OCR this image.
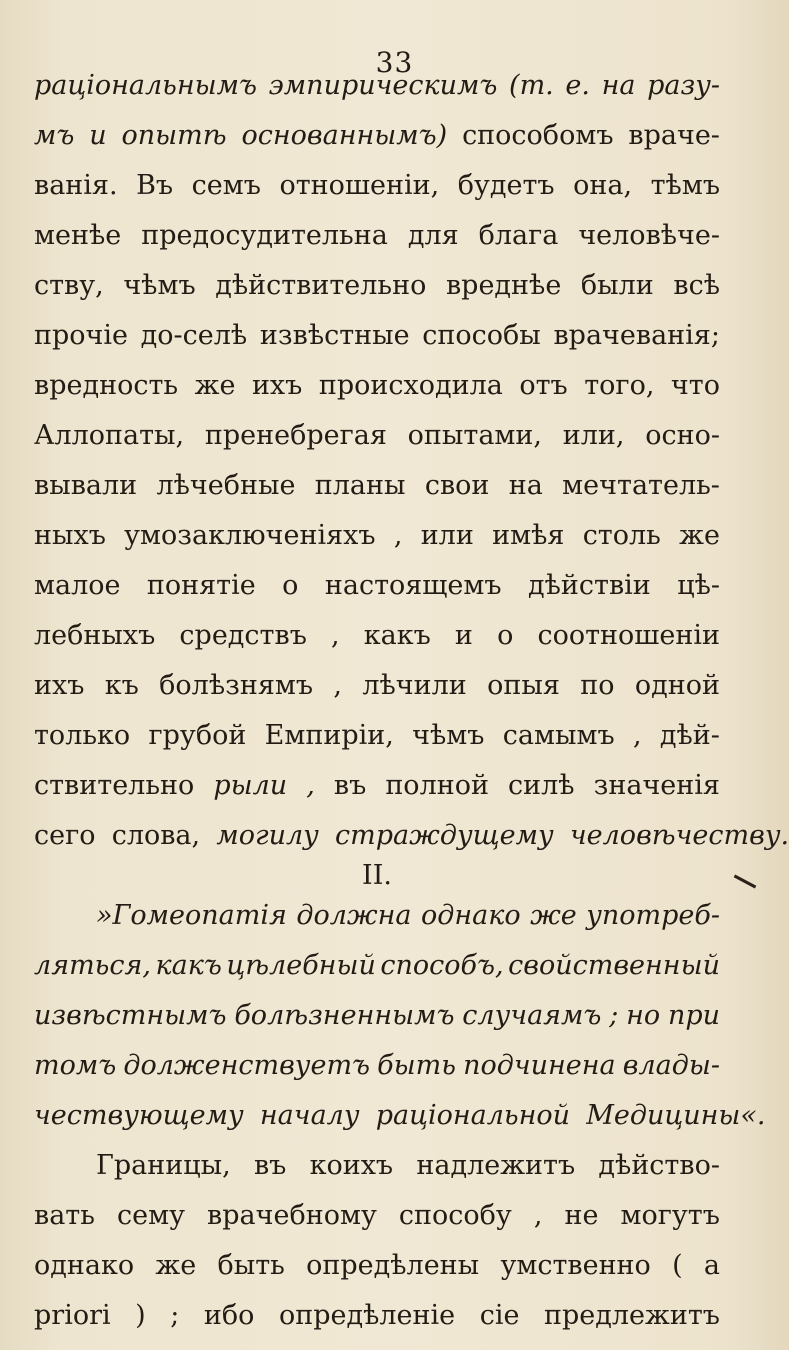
33
раціональнымъ эмпирическимъ (т. е. на разу-
мъ и опытѣ основаннымъ) способомъ враче-
ванія. Въ семъ отношеніи, будетъ она, тѣмъ
менѣе предосудительна для блага человѣче-
ству, чѣмъ дѣйствительно вреднѣе были всѣ
прочіе до-селѣ извѣстные способы врачеванія;
вредность же ихъ происходила отъ того, что
Аллопаты, пренебрегая опытами, или, осно-
вывали лѣчебные планы свои на мечтатель-
ныхъ умозаключеніяхъ , или имѣя столь же
малое понятіе о настоящемъ дѣйствіи цѣ-
лебныхъ средствъ , какъ и о соотношеніи
ихъ къ болѣзнямъ , лѣчили опыя по одной
только грубой Емпиріи, чѣмъ самымъ , дѣй-
ствительно рыли , въ полной силѣ значенія
сего слова, могилу страждущему человѣчеству.
»Гомеопатія должна однако же употреб-
ляться, какъ цѣлебный способъ, свойственный
извѣстнымъ болѣзненнымъ случаямъ ; но при
томъ долженствуетъ быть подчинена влады-
чествующему началу раціональной Медицины«.
Границы, въ коихъ надлежитъ дѣйство-
вать сему врачебному способу , не могутъ
однако же быть опредѣлены умственно ( a
priori ) ; ибо опредѣленіе сіе предлежитъ
II.
